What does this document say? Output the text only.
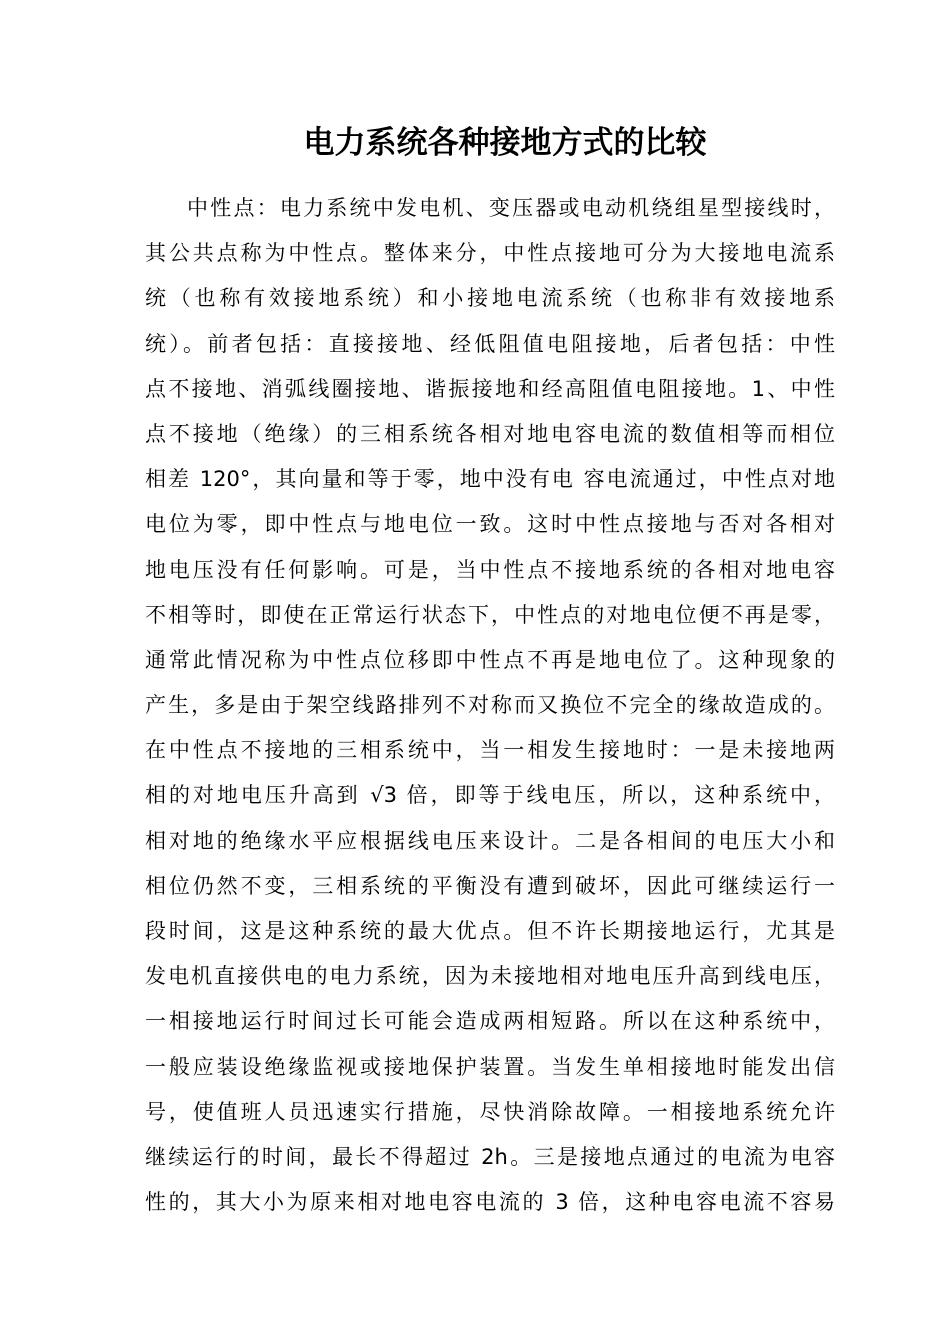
电力系统各种接地方式的比较
中性点：电力系统中发电机、变压器或电动机绕组星型接线时，
其公共点称为中性点。整体来分，中性点接地可分为大接地电流系
统（也称有效接地系统）和小接地电流系统（也称非有效接地系
统）。前者包括：直接接地、经低阻值电阻接地，后者包括：中性
点不接地、消弧线圈接地、谐振接地和经高阻值电阻接地。1、中性
点不接地（绝缘）的三相系统各相对地电容电流的数值相等而相位
相差 120°，其向量和等于零，地中没有电 容电流通过，中性点对地
电位为零，即中性点与地电位一致。这时中性点接地与否对各相对
地电压没有任何影响。可是，当中性点不接地系统的各相对地电容
不相等时，即使在正常运行状态下，中性点的对地电位便不再是零，
通常此情况称为中性点位移即中性点不再是地电位了。这种现象的
产生，多是由于架空线路排列不对称而又换位不完全的缘故造成的。
在中性点不接地的三相系统中，当一相发生接地时：一是未接地两
相的对地电压升高到 √3 倍，即等于线电压，所以，这种系统中，
相对地的绝缘水平应根据线电压来设计。二是各相间的电压大小和
相位仍然不变，三相系统的平衡没有遭到破坏，因此可继续运行一
段时间，这是这种系统的最大优点。但不许长期接地运行，尤其是
发电机直接供电的电力系统，因为未接地相对地电压升高到线电压，
一相接地运行时间过长可能会造成两相短路。所以在这种系统中，
一般应装设绝缘监视或接地保护装置。当发生单相接地时能发出信
号，使值班人员迅速实行措施，尽快消除故障。一相接地系统允许
继续运行的时间，最长不得超过 2h。三是接地点通过的电流为电容
性的，其大小为原来相对地电容电流的 3 倍，这种电容电流不容易
